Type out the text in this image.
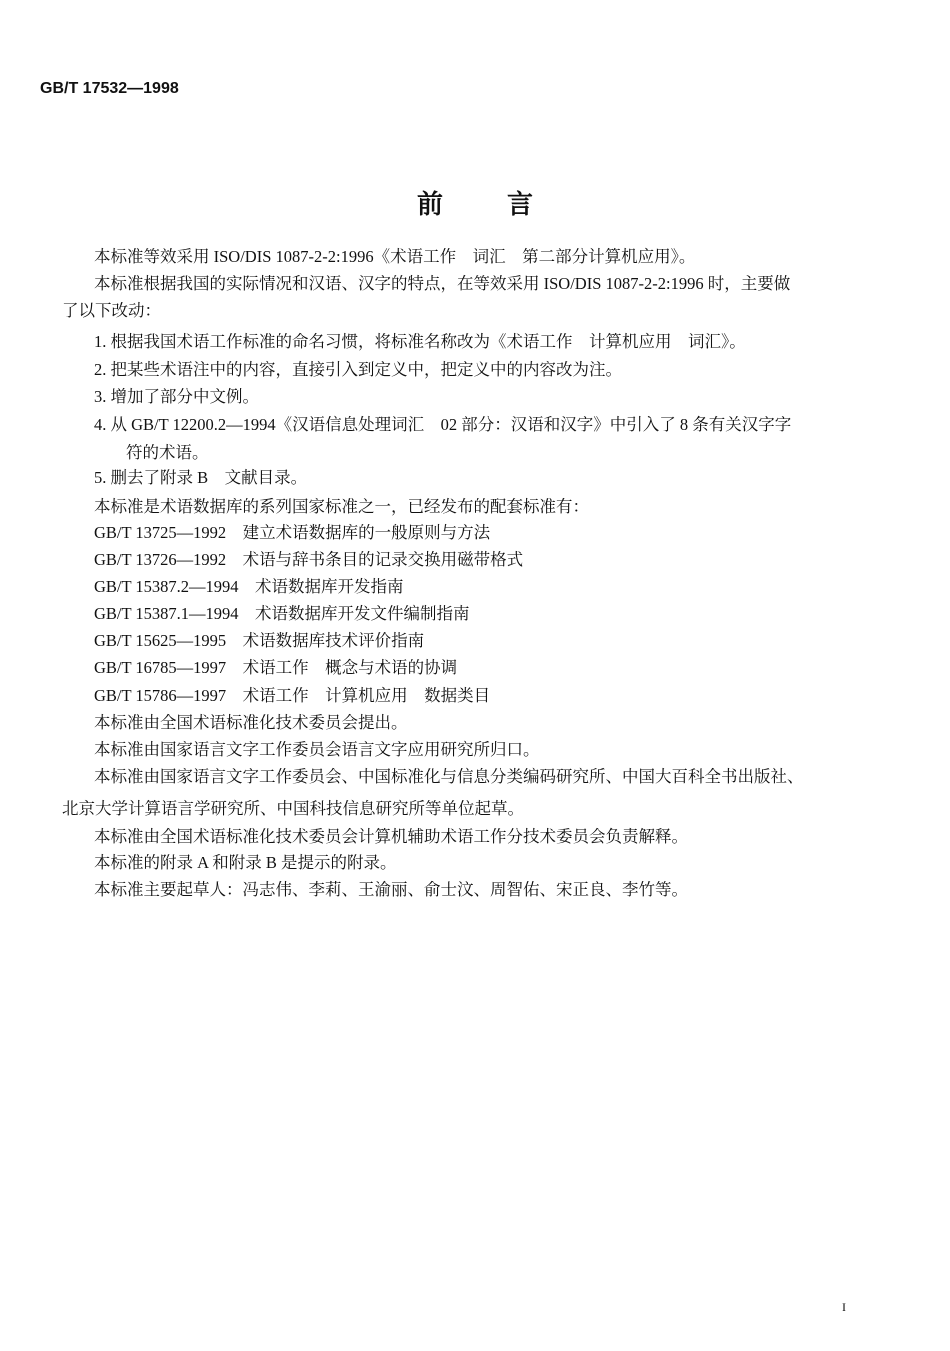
GB/T 17532—1998
前言
本标准等效采用 ISO/DIS 1087-2-2:1996《术语工作　词汇　第二部分计算机应用》。
本标准根据我国的实际情况和汉语、汉字的特点，在等效采用 ISO/DIS 1087-2-2:1996 时，主要做
了以下改动：
1. 根据我国术语工作标准的命名习惯，将标准名称改为《术语工作　计算机应用　词汇》。
2. 把某些术语注中的内容，直接引入到定义中，把定义中的内容改为注。
3. 增加了部分中文例。
4. 从 GB/T 12200.2—1994《汉语信息处理词汇　02 部分：汉语和汉字》中引入了 8 条有关汉字字
符的术语。
5. 删去了附录 B　文献目录。
本标准是术语数据库的系列国家标准之一，已经发布的配套标准有：
GB/T 13725—1992　建立术语数据库的一般原则与方法
GB/T 13726—1992　术语与辞书条目的记录交换用磁带格式
GB/T 15387.2—1994　术语数据库开发指南
GB/T 15387.1—1994　术语数据库开发文件编制指南
GB/T 15625—1995　术语数据库技术评价指南
GB/T 16785—1997　术语工作　概念与术语的协调
GB/T 15786—1997　术语工作　计算机应用　数据类目
本标准由全国术语标准化技术委员会提出。
本标准由国家语言文字工作委员会语言文字应用研究所归口。
本标准由国家语言文字工作委员会、中国标准化与信息分类编码研究所、中国大百科全书出版社、
北京大学计算语言学研究所、中国科技信息研究所等单位起草。
本标准由全国术语标准化技术委员会计算机辅助术语工作分技术委员会负责解释。
本标准的附录 A 和附录 B 是提示的附录。
本标准主要起草人：冯志伟、李莉、王渝丽、俞士汶、周智佑、宋正良、李竹等。
I
